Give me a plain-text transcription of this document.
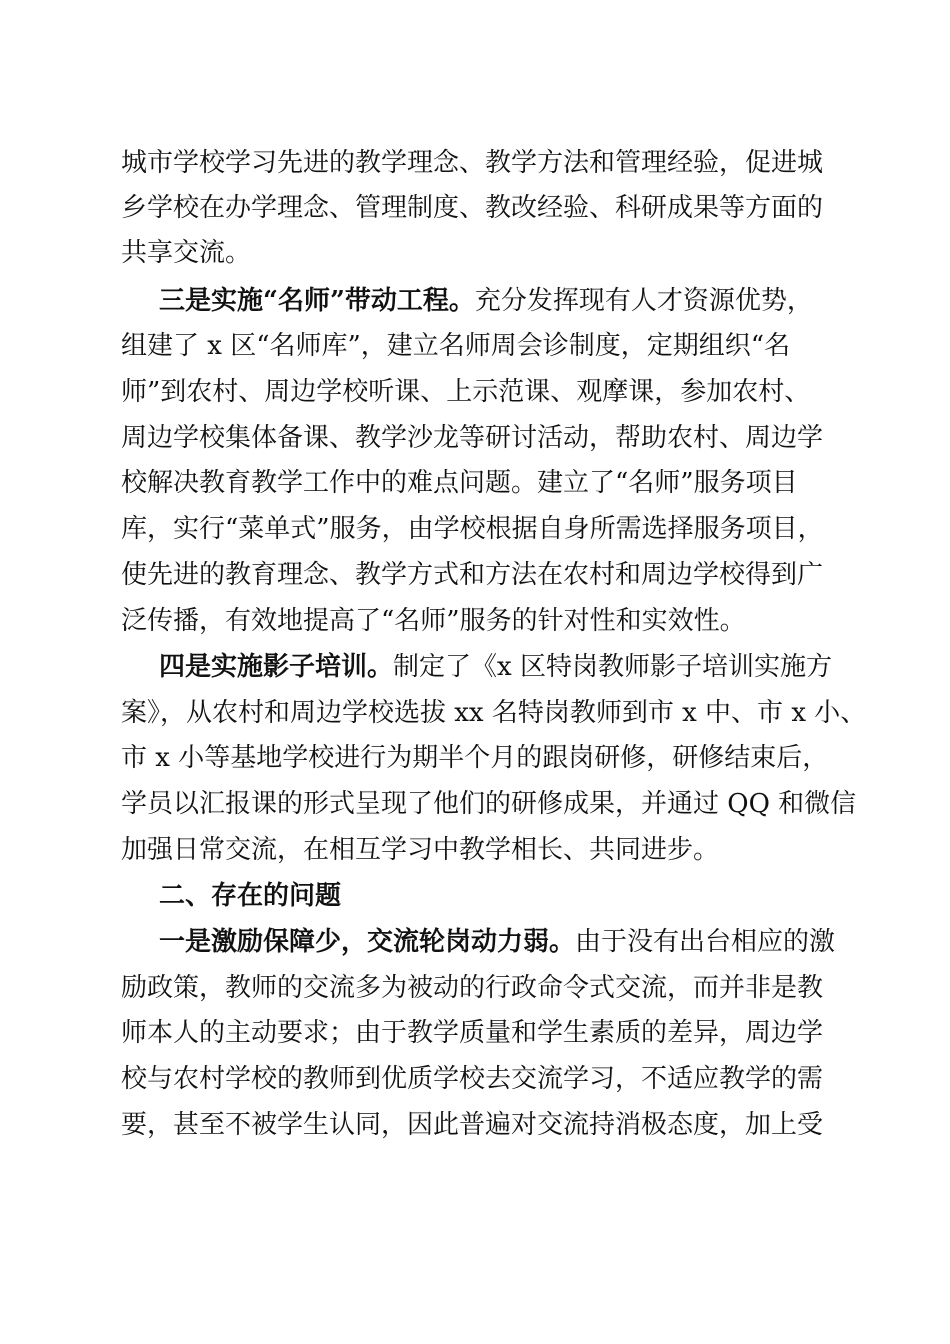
城市学校学习先进的教学理念、教学方法和管理经验，促进城
乡学校在办学理念、管理制度、教改经验、科研成果等方面的
共享交流。
三是实施“名师”带动工程。充分发挥现有人才资源优势，
组建了 x 区“名师库”，建立名师周会诊制度，定期组织“名
师”到农村、周边学校听课、上示范课、观摩课，参加农村、
周边学校集体备课、教学沙龙等研讨活动，帮助农村、周边学
校解决教育教学工作中的难点问题。建立了“名师”服务项目
库，实行“菜单式”服务，由学校根据自身所需选择服务项目，
使先进的教育理念、教学方式和方法在农村和周边学校得到广
泛传播，有效地提高了“名师”服务的针对性和实效性。
四是实施影子培训。制定了《x 区特岗教师影子培训实施方
案》，从农村和周边学校选拔 xx 名特岗教师到市 x 中、市 x 小、
市 x 小等基地学校进行为期半个月的跟岗研修，研修结束后，
学员以汇报课的形式呈现了他们的研修成果，并通过 QQ 和微信
加强日常交流，在相互学习中教学相长、共同进步。
二、存在的问题
一是激励保障少，交流轮岗动力弱。由于没有出台相应的激
励政策，教师的交流多为被动的行政命令式交流，而并非是教
师本人的主动要求；由于教学质量和学生素质的差异，周边学
校与农村学校的教师到优质学校去交流学习，不适应教学的需
要，甚至不被学生认同，因此普遍对交流持消极态度，加上受
